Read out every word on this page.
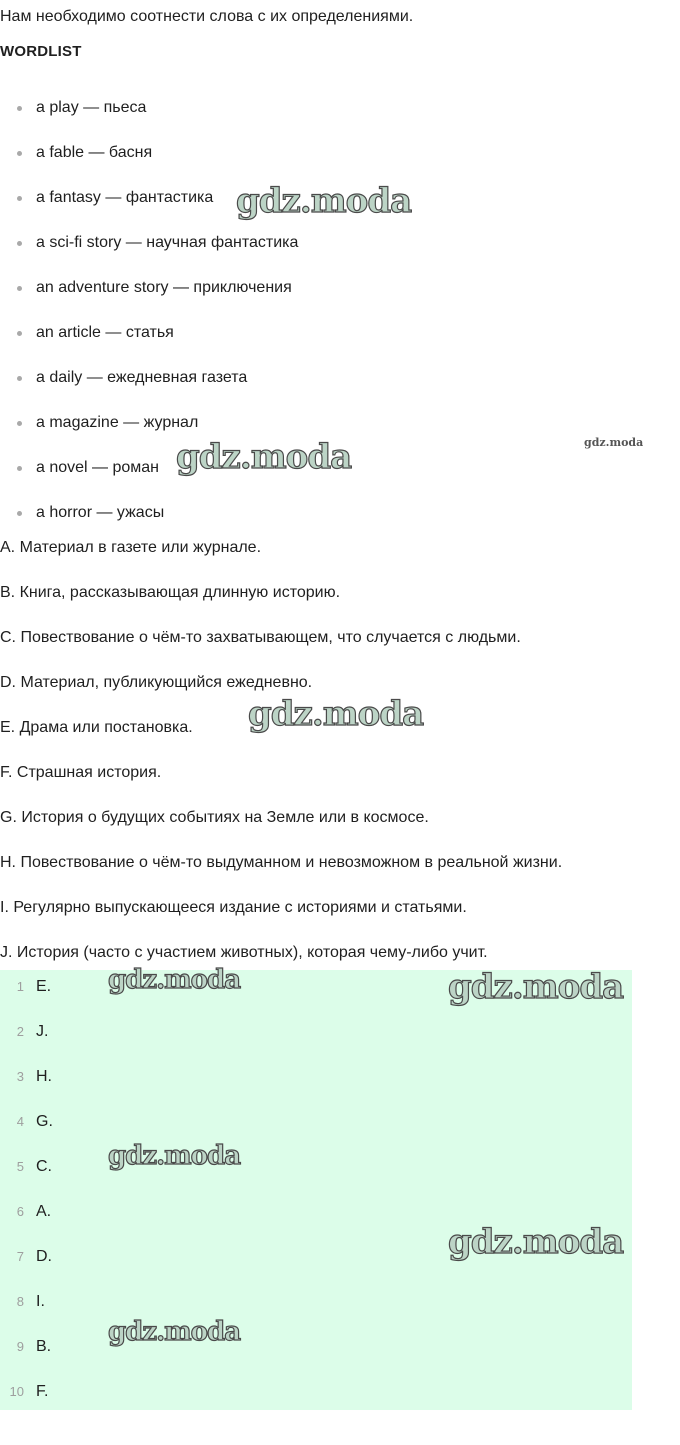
Нам необходимо соотнести слова с их определениями.
WORDLIST
a play — пьеса
a fable — басня
a fantasy — фантастика
a sci-fi story — научная фантастика
an adventure story — приключения
an article — статья
a daily — ежедневная газета
a magazine — журнал
a novel — роман
a horror — ужасы
A. Материал в газете или журнале.
B. Книга, рассказывающая длинную историю.
C. Повествование о чём-то захватывающем, что случается с людьми.
D. Материал, публикующийся ежедневно.
E. Драма или постановка.
F. Страшная история.
G. История о будущих событиях на Земле или в космосе.
H. Повествование о чём-то выдуманном и невозможном в реальной жизни.
I. Регулярно выпускающееся издание с историями и статьями.
J. История (часто с участием животных), которая чему-либо учит.
1 E.
2 J.
3 H.
4 G.
5 C.
6 A.
7 D.
8 I.
9 B.
10 F.
gdz.moda
gdz.moda
gdz.moda
gdz.moda
gdz.moda	gdz.moda
gdz.moda
gdz.moda
gdz.moda
